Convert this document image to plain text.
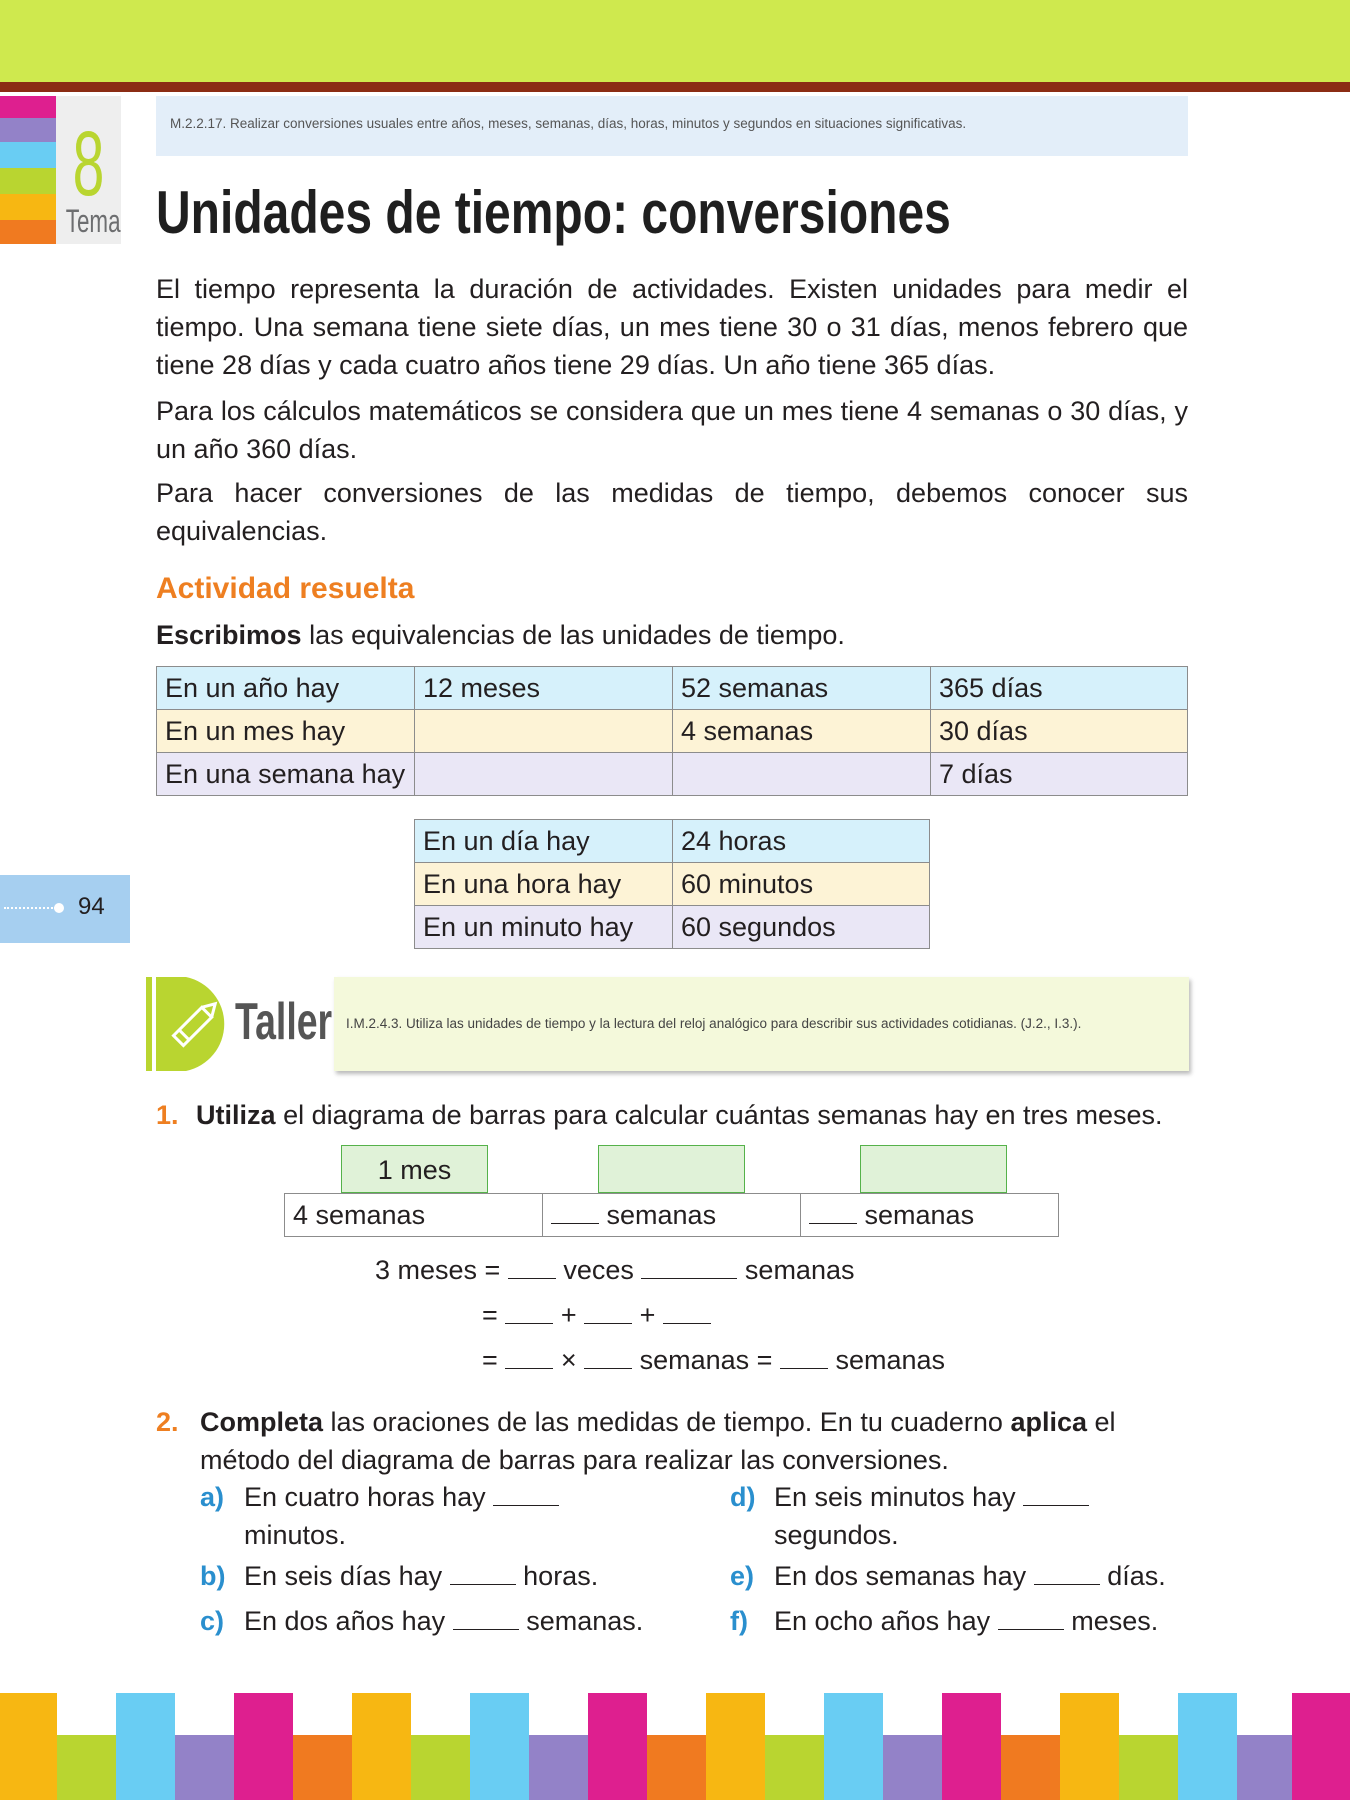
8
Tema
M.2.2.17. Realizar conversiones usuales entre años, meses, semanas, días, horas, minutos y segundos en situaciones significativas.
Unidades de tiempo: conversiones

El tiempo representa la duración de actividades. Existen unidades para medir el tiempo. Una semana tiene siete días, un mes tiene 30 o 31 días, menos febrero que tiene 28 días y cada cuatro años tiene 29 días. Un año tiene 365 días.

Para los cálculos matemáticos se considera que un mes tiene 4 semanas o 30 días, y un año 360 días.

Para hacer conversiones de las medidas de tiempo, debemos conocer sus equivalencias.

Actividad resuelta
Escribimos las equivalencias de las unidades de tiempo.
En un año hay	12 meses	52 semanas	365 días
En un mes hay		4 semanas	30 días
En una semana hay			7 días
En un día hay	24 horas
En una hora hay	60 minutos
En un minuto hay	60 segundos
94
Taller I.M.2.4.3. Utiliza las unidades de tiempo y la lectura del reloj analógico para describir sus actividades cotidianas. (J.2., I.3.).
1. Utiliza el diagrama de barras para calcular cuántas semanas hay en tres meses.
1 mes
4 semanas	semanas	semanas
3 meses = veces	semanas
= + +
= × semanas = semanas
2. Completa las oraciones de las medidas de tiempo. En tu cuaderno aplica el método del diagrama de barras para realizar las conversiones.
a) En cuatro horas hay
minutos.
d) En seis minutos hay
segundos.
b) En seis días hay	horas.	e) En dos semanas hay	días.
c) En dos años hay	semanas.	f) En ocho años hay	meses.
